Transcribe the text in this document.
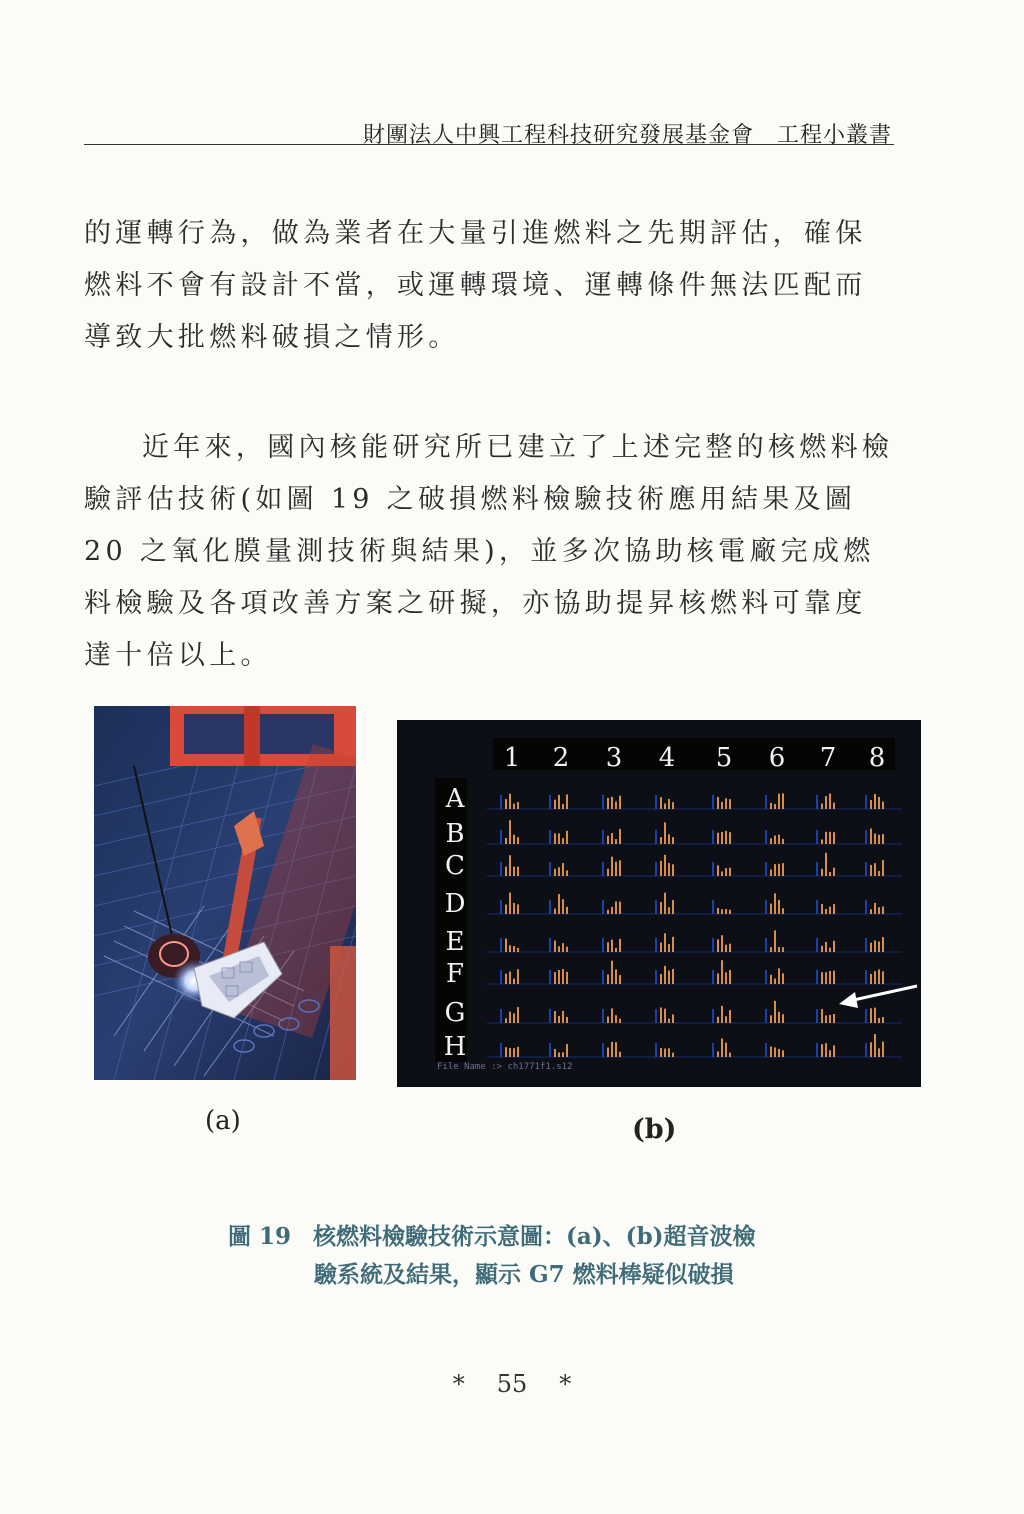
財團法人中興工程科技研究發展基金會　工程小叢書

的運轉行為，做為業者在大量引進燃料之先期評估，確保燃料不會有設計不當，或運轉環境、運轉條件無法匹配而導致大批燃料破損之情形。

近年來，國內核能研究所已建立了上述完整的核燃料檢驗評估技術(如圖 19 之破損燃料檢驗技術應用結果及圖 20 之氧化膜量測技術與結果)，並多次協助核電廠完成燃料檢驗及各項改善方案之研擬，亦協助提昇核燃料可靠度達十倍以上。

1 2 3 4 5 6 7 8
A
B
C
D
E
F
G
H
File Name :> ch1771f1.s12
(a)	(b)
圖 19 核燃料檢驗技術示意圖：(a)、(b)超音波檢
驗系統及結果，顯示 G7 燃料棒疑似破損
* 55 *
